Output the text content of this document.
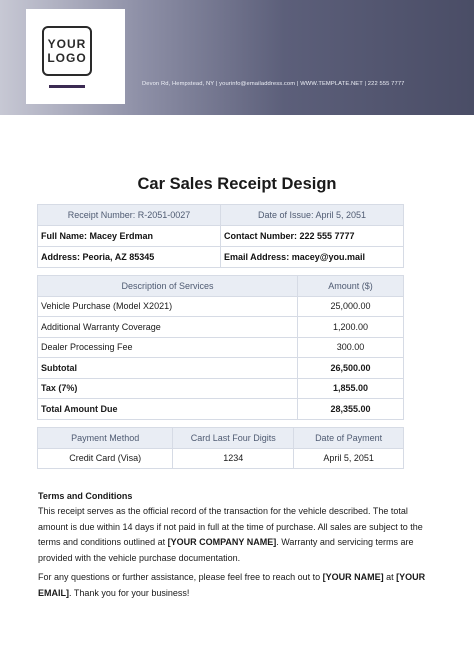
YOUR
LOGO
Devon Rd, Hempstead, NY | yourinfo@emailaddress.com | WWW.TEMPLATE.NET | 222 555 7777
Car Sales Receipt Design
Receipt Number: R-2051-0027	Date of Issue: April 5, 2051
Full Name: Macey Erdman	Contact Number: 222 555 7777
Address: Peoria, AZ 85345	Email Address: macey@you.mail
Description of Services	Amount ($)
Vehicle Purchase (Model X2021)	25,000.00
Additional Warranty Coverage	1,200.00
Dealer Processing Fee	300.00
Subtotal	26,500.00
Tax (7%)	1,855.00
Total Amount Due	28,355.00
Payment Method	Card Last Four Digits	Date of Payment
Credit Card (Visa)	1234	April 5, 2051
Terms and Conditions
This receipt serves as the official record of the transaction for the vehicle described. The total amount is due within 14 days if not paid in full at the time of purchase. All sales are subject to the terms and conditions outlined at [YOUR COMPANY NAME]. Warranty and servicing terms are provided with the vehicle purchase documentation.
For any questions or further assistance, please feel free to reach out to [YOUR NAME] at [YOUR EMAIL]. Thank you for your business!
